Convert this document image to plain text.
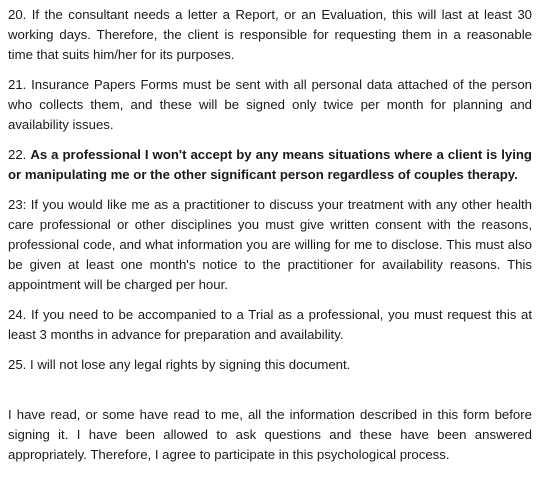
20. If the consultant needs a letter a Report, or an Evaluation, this will last at least 30 working days. Therefore, the client is responsible for requesting them in a reasonable time that suits him/her for its purposes.

21. Insurance Papers Forms must be sent with all personal data attached of the person who collects them, and these will be signed only twice per month for planning and availability issues.

22. As a professional I won't accept by any means situations where a client is lying or manipulating me or the other significant person regardless of couples therapy.

23: If you would like me as a practitioner to discuss your treatment with any other health care professional or other disciplines you must give written consent with the reasons, professional code, and what information you are willing for me to disclose. This must also be given at least one month's notice to the practitioner for availability reasons. This appointment will be charged per hour.

24. If you need to be accompanied to a Trial as a professional, you must request this at least 3 months in advance for preparation and availability.

25. I will not lose any legal rights by signing this document.

I have read, or some have read to me, all the information described in this form before signing it. I have been allowed to ask questions and these have been answered appropriately. Therefore, I agree to participate in this psychological process.
